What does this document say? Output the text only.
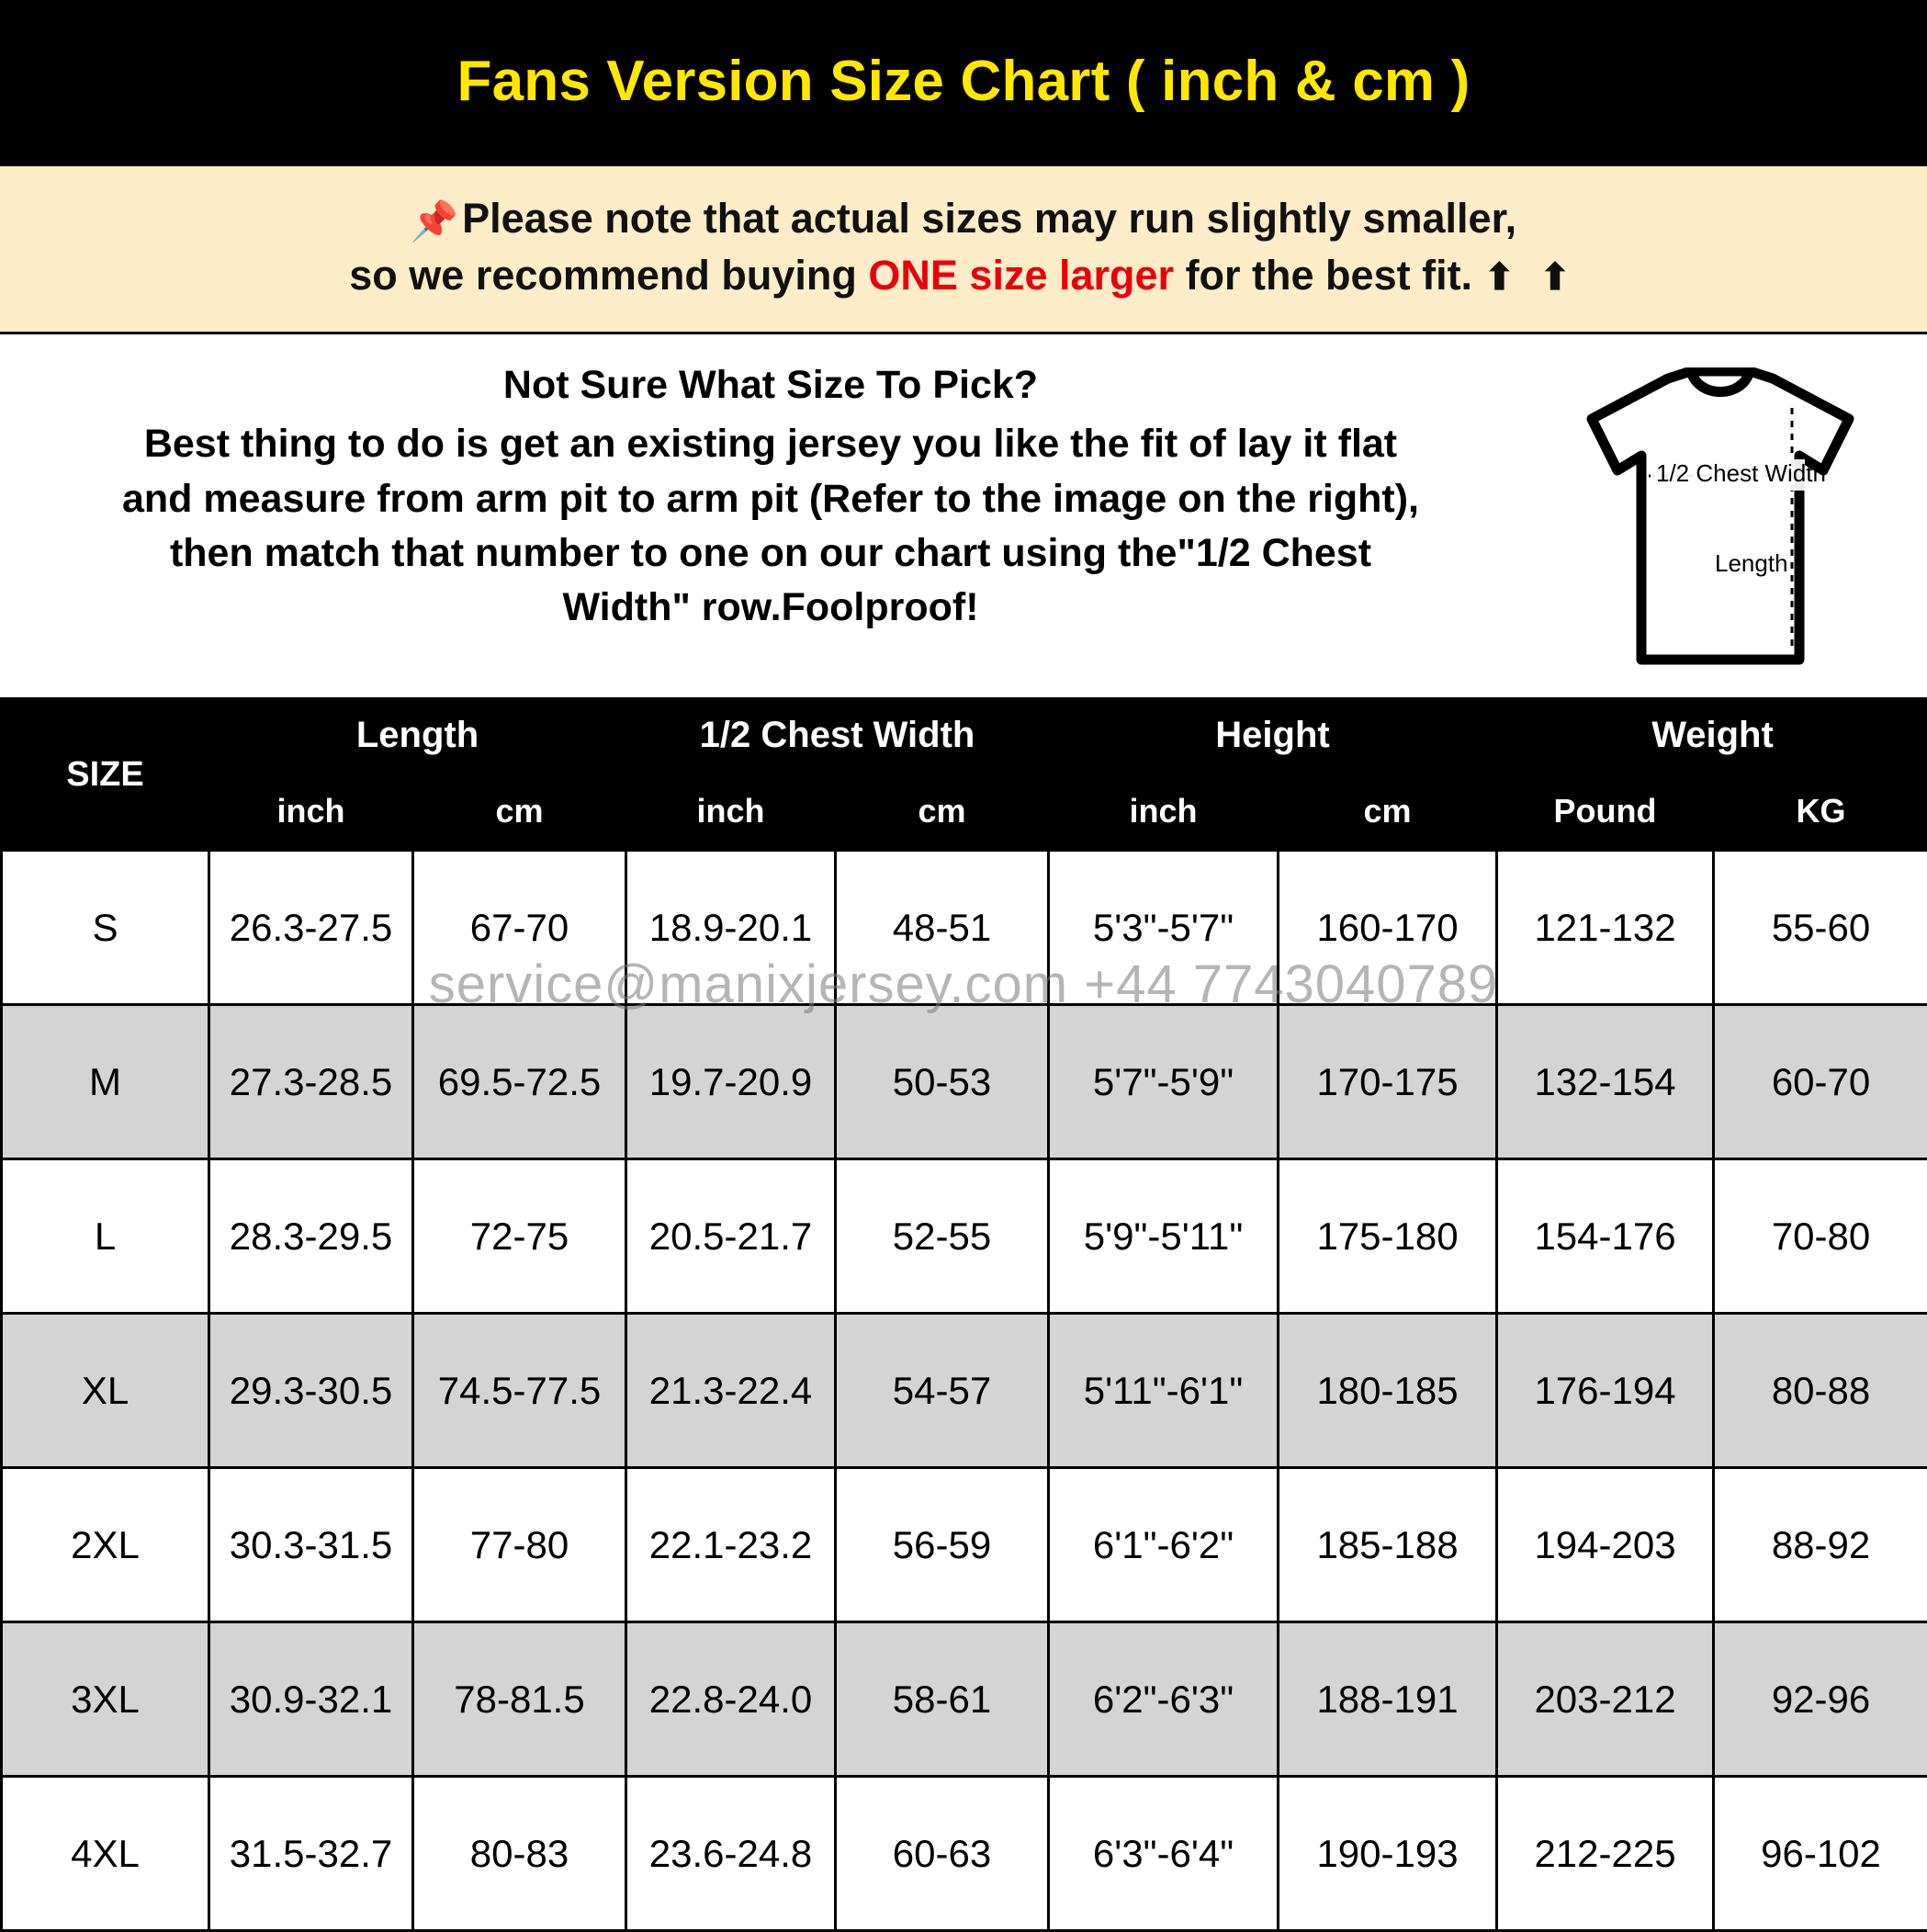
Fans Version Size Chart ( inch & cm )
📌Please note that actual sizes may run slightly smaller,
so we recommend buying ONE size larger for the best fit. ⬆ ⬆
Not Sure What Size To Pick?
Best thing to do is get an existing jersey you like the fit of lay it flat
and measure from arm pit to arm pit (Refer to the image on the right),
then match that number to one on our chart using the"1/2 Chest
Width" row.Foolproof!
1/2 Chest Width
Length
service@manixjersey.com +44 7743040789
SIZE	Length		1/2 Chest Width		Height		Weight	
	inch	cm	inch	cm	inch	cm	Pound	KG
S	26.3-27.5	67-70	18.9-20.1	48-51	5'3"-5'7"	160-170	121-132	55-60
M	27.3-28.5	69.5-72.5	19.7-20.9	50-53	5'7"-5'9"	170-175	132-154	60-70
L	28.3-29.5	72-75	20.5-21.7	52-55	5'9"-5'11"	175-180	154-176	70-80
XL	29.3-30.5	74.5-77.5	21.3-22.4	54-57	5'11"-6'1"	180-185	176-194	80-88
2XL	30.3-31.5	77-80	22.1-23.2	56-59	6'1"-6'2"	185-188	194-203	88-92
3XL	30.9-32.1	78-81.5	22.8-24.0	58-61	6'2"-6'3"	188-191	203-212	92-96
4XL	31.5-32.7	80-83	23.6-24.8	60-63	6'3"-6'4"	190-193	212-225	96-102
